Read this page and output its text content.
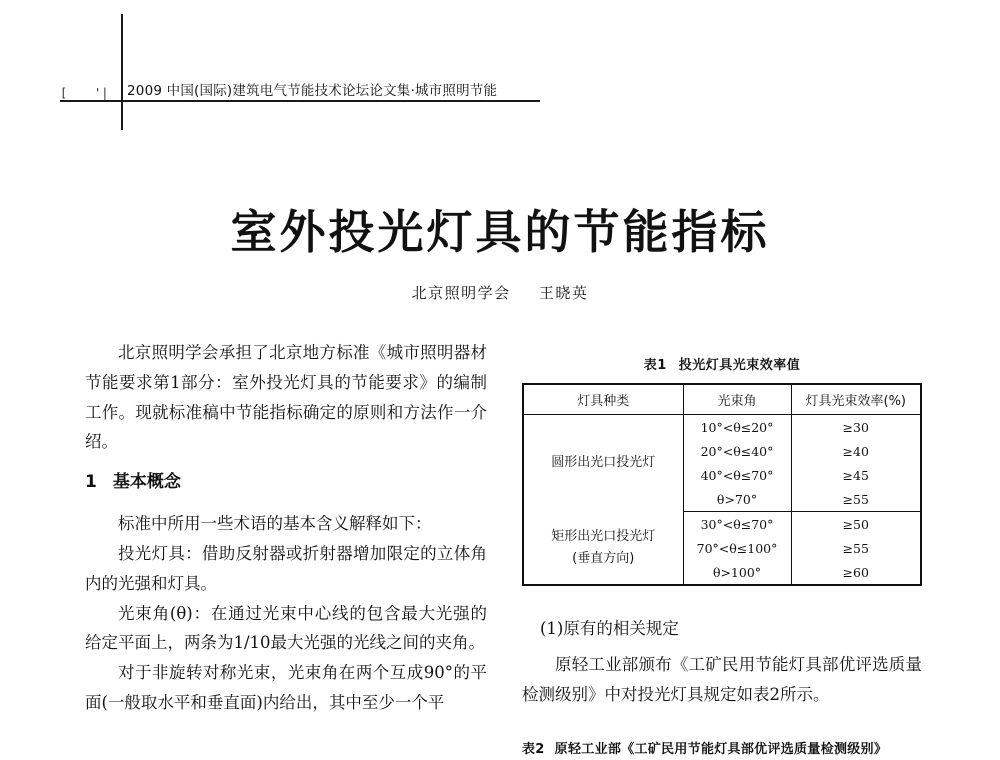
[ '| 2009 中国(国际)建筑电气节能技术论坛论文集·城市照明节能
室外投光灯具的节能指标
北京照明学会 王晓英

北京照明学会承担了北京地方标准《城市照明器材节能要求第1部分：室外投光灯具的节能要求》的编制工作。现就标准稿中节能指标确定的原则和方法作一介绍。

1 基本概念

标准中所用一些术语的基本含义解释如下：

投光灯具：借助反射器或折射器增加限定的立体角内的光强和灯具。

光束角(θ)：在通过光束中心线的包含最大光强的给定平面上，两条为1/10最大光强的光线之间的夹角。

对于非旋转对称光束，光束角在两个互成90°的平面(一般取水平和垂直面)内给出，其中至少一个平

表1 投光灯具光束效率值
灯具种类	光束角	灯具光束效率(%)

圆形出光口投光灯	10°<θ≤20°	≥30
	20°<θ≤40°	≥40
	40°<θ≤70°	≥45
	θ>70°	≥55

矩形出光口投光灯
(垂直方向)	30°<θ≤70°	≥50
	70°<θ≤100°	≥55
	θ>100°	≥60

(1)原有的相关规定

原轻工业部颁布《工矿民用节能灯具部优评选质量检测级别》中对投光灯具规定如表2所示。

表2 原轻工业部《工矿民用节能灯具部优评选质量检测级别》
